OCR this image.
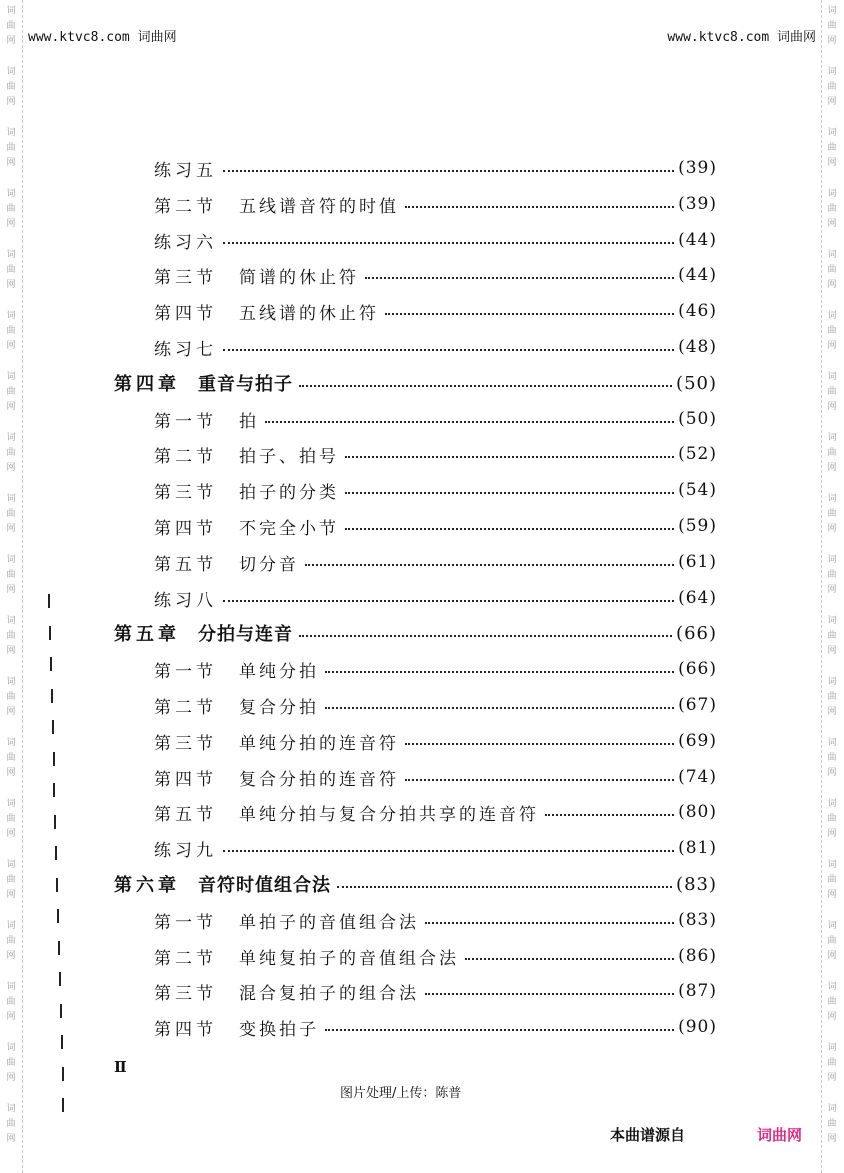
词
曲
网
词
曲
网
词
曲
网
词
曲
网
词
曲
网
词
曲
网
词
曲
网
词
曲
网
词
曲
网
词
曲
网
词
曲
网
词
曲
网
词
曲
网
词
曲
网
词
曲
网
词
曲
网
词
曲
网
词
曲
网
词
曲
网
词
曲
网
词
曲
网
词
曲
网
词
曲
网
词
曲
网
词
曲
网
词
曲
网
词
曲
网
词
曲
网
词
曲
网
词
曲
网
词
曲
网
词
曲
网
词
曲
网
词
曲
网
词
曲
网
词
曲
网
词
曲
网
词
曲
网
www.ktvc8.com 词曲网	www.ktvc8.com 词曲网
练习五	(39)
第二节 五线谱音符的时值	(39)
练习六	(44)
第三节 简谱的休止符	(44)
第四节 五线谱的休止符	(46)
练习七	(48)
第四章 重音与拍子	(50)
第一节 拍	(50)
第二节 拍子、拍号	(52)
第三节 拍子的分类	(54)
第四节 不完全小节	(59)
第五节 切分音	(61)
练习八	(64)
第五章 分拍与连音	(66)
第一节 单纯分拍	(66)
第二节 复合分拍	(67)
第三节 单纯分拍的连音符	(69)
第四节 复合分拍的连音符	(74)
第五节 单纯分拍与复合分拍共享的连音符	(80)
练习九	(81)
第六章 音符时值组合法	(83)
第一节 单拍子的音值组合法	(83)
第二节 单纯复拍子的音值组合法	(86)
第三节 混合复拍子的组合法	(87)
第四节 变换拍子	(90)
Ⅱ
图片处理/上传：陈普
本曲谱源自	词曲网
